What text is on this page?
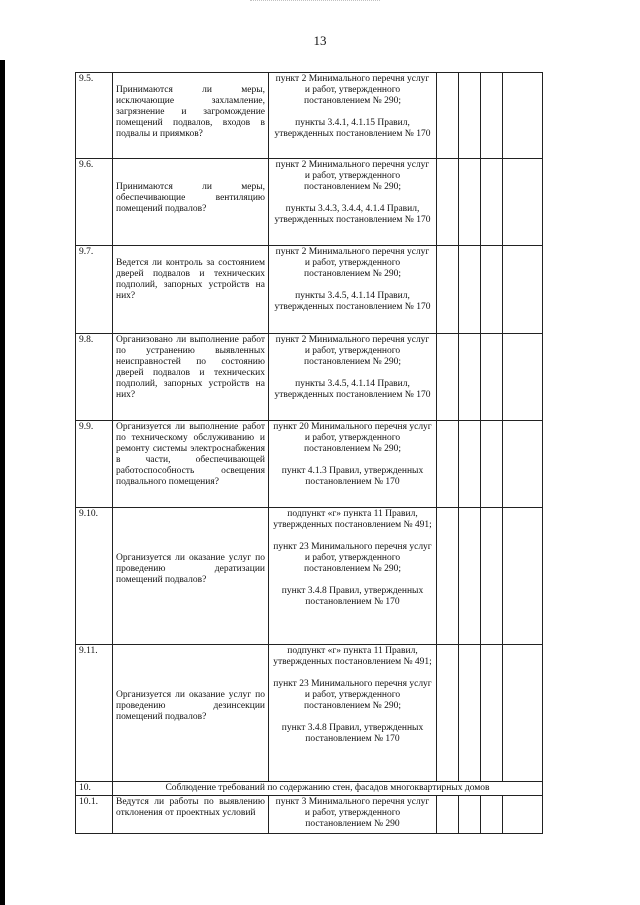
13
9.5.	Принимаются ли меры, исключающие захламление, загрязнение и загромождение помещений подвалов, входов в подвалы и приямков?	пункт 2 Минимального перечня услуг и работ, утвержденного постановлением № 290;
пункты 3.4.1, 4.1.15 Правил, утвержденных постановлением № 170				

9.6.	Принимаются ли меры, обеспечивающие вентиляцию помещений подвалов?	пункт 2 Минимального перечня услуг и работ, утвержденного постановлением № 290;
пункты 3.4.3, 3.4.4, 4.1.4 Правил, утвержденных постановлением № 170				

9.7.	Ведется ли контроль за состоянием дверей подвалов и технических подполий, запорных устройств на них?	пункт 2 Минимального перечня услуг и работ, утвержденного постановлением № 290;
пункты 3.4.5, 4.1.14 Правил, утвержденных постановлением № 170				

9.8.	Организовано ли выполнение работ по устранению выявленных неисправностей по состоянию дверей подвалов и технических подполий, запорных устройств на них?	пункт 2 Минимального перечня услуг и работ, утвержденного постановлением № 290;
пункты 3.4.5, 4.1.14 Правил, утвержденных постановлением № 170				

9.9.	Организуется ли выполнение работ по техническому обслуживанию и ремонту системы электроснабжения в части, обеспечивающей работоспособность освещения подвального помещения?	пункт 20 Минимального перечня услуг и работ, утвержденного постановлением № 290;
пункт 4.1.3 Правил, утвержденных постановлением № 170				

9.10.	Организуется ли оказание услуг по проведению дератизации помещений подвалов?	подпункт «г» пункта 11 Правил, утвержденных постановлением № 491;
пункт 23 Минимального перечня услуг и работ, утвержденного постановлением № 290;
пункт 3.4.8 Правил, утвержденных постановлением № 170				

9.11.	Организуется ли оказание услуг по проведению дезинсекции помещений подвалов?	подпункт «г» пункта 11 Правил, утвержденных постановлением № 491;
пункт 23 Минимального перечня услуг и работ, утвержденного постановлением № 290;
пункт 3.4.8 Правил, утвержденных постановлением № 170				

10.	Соблюдение требований по содержанию стен, фасадов многоквартирных домов					
10.1.	Ведутся ли работы по выявлению отклонения от проектных условий	пункт 3 Минимального перечня услуг и работ, утвержденного постановлением № 290				
